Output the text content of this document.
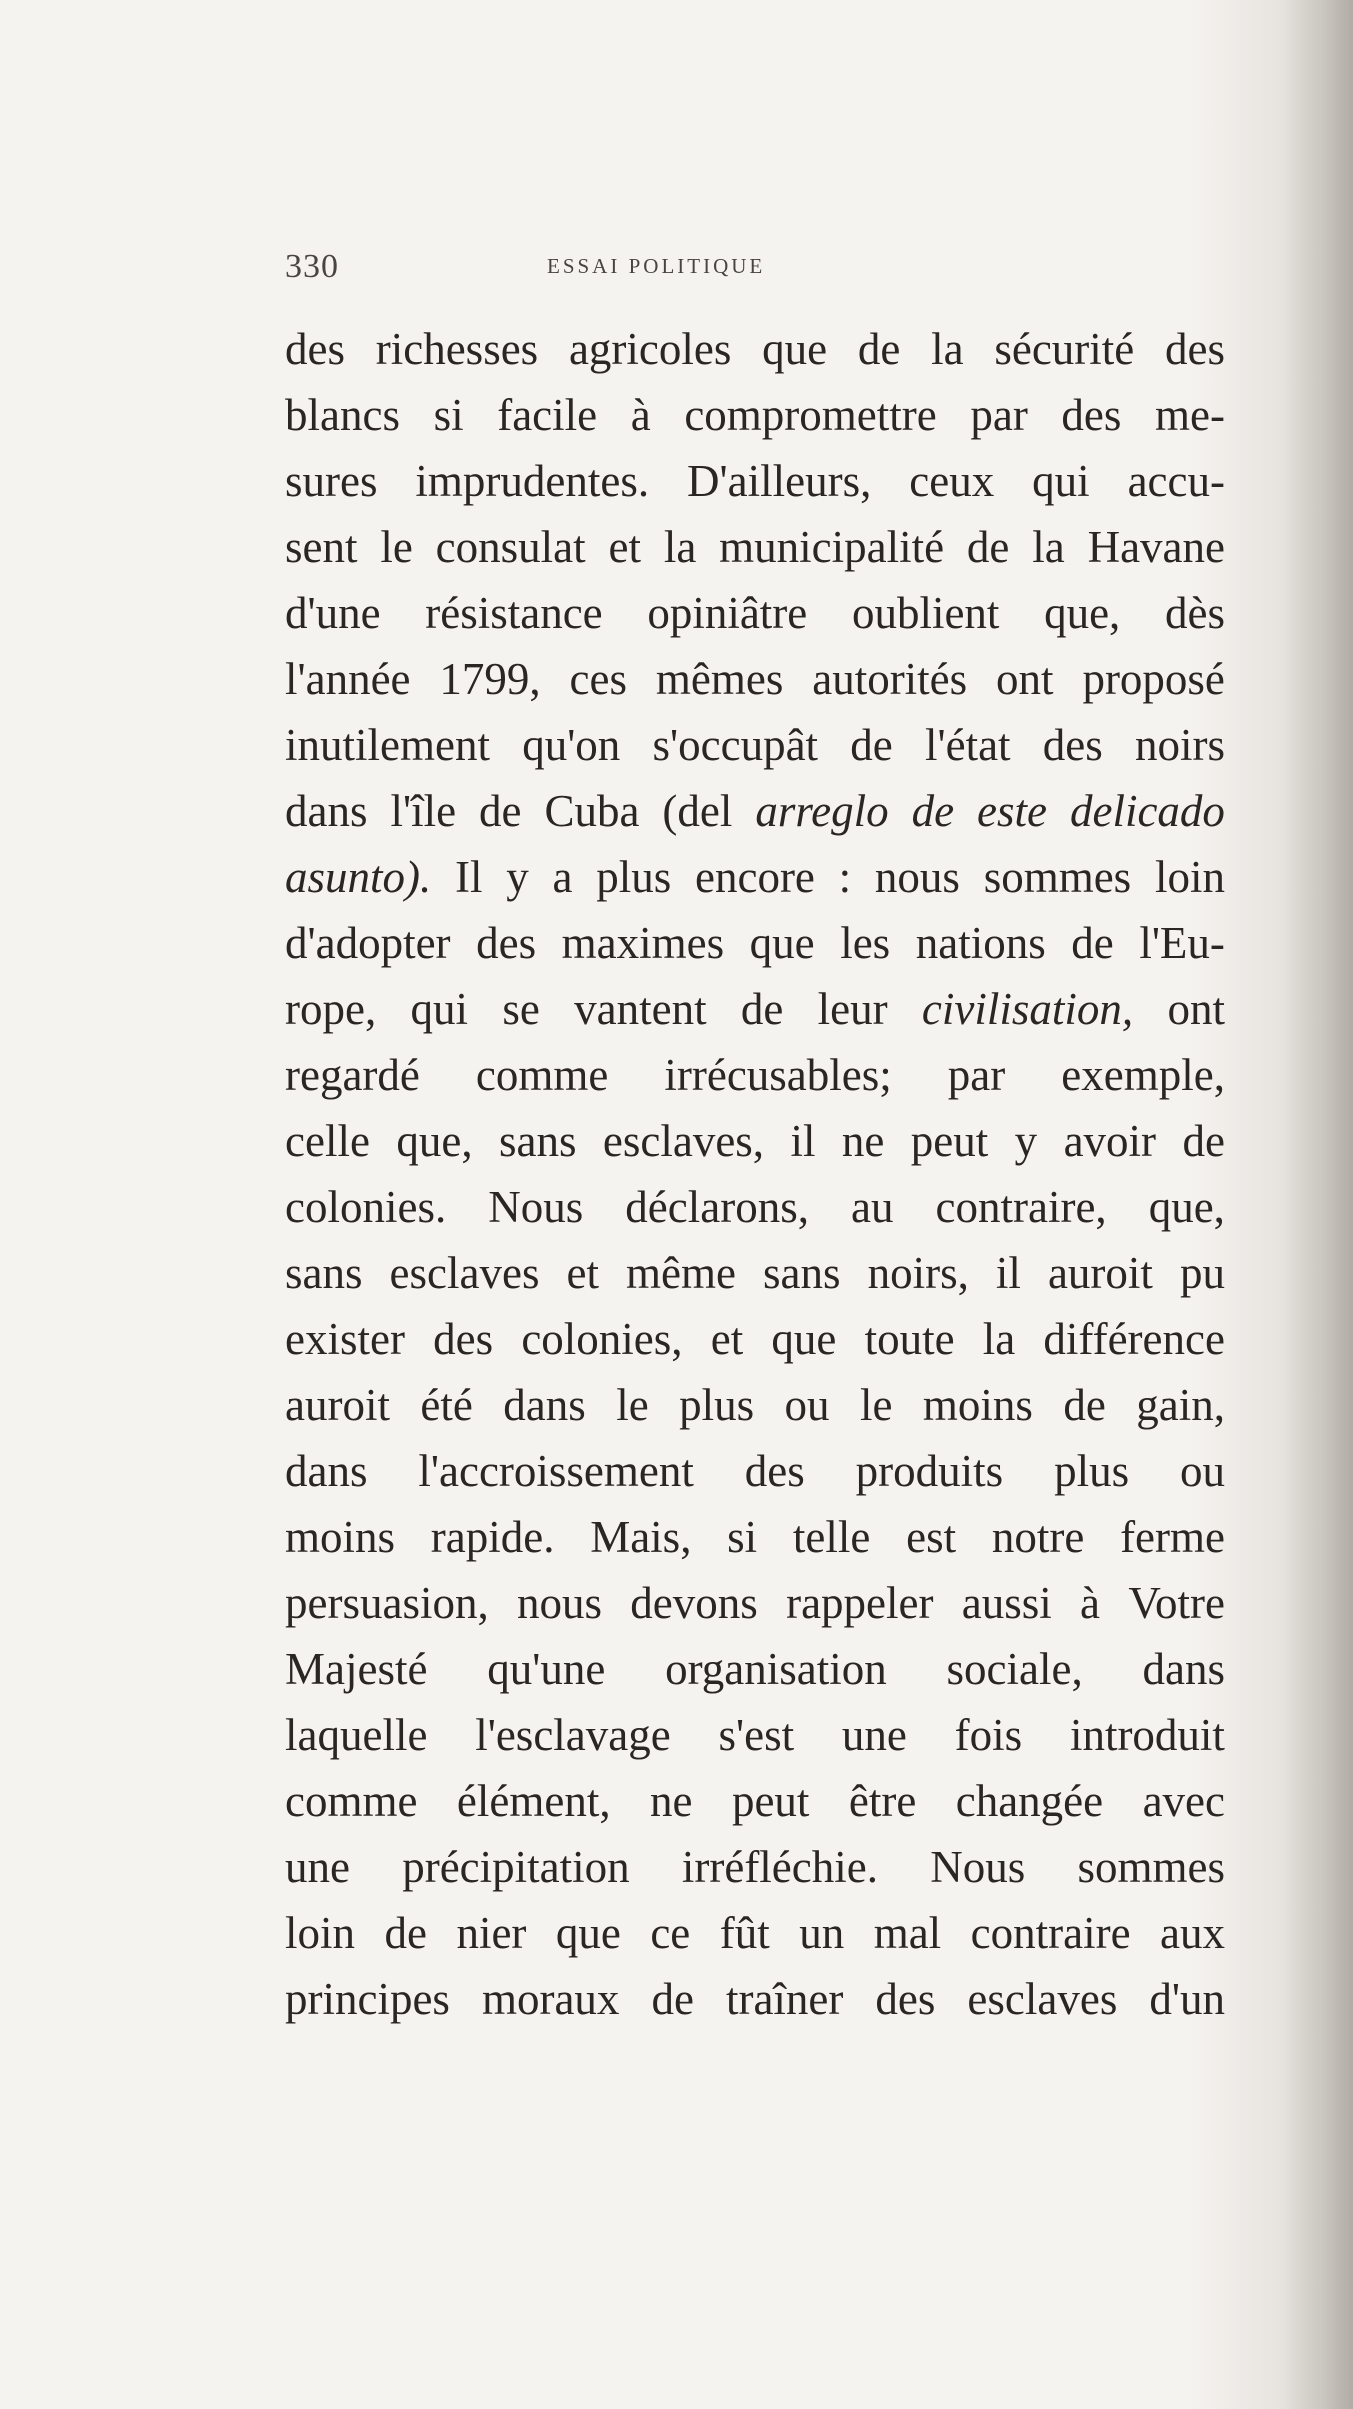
330	ESSAI POLITIQUE
des richesses agricoles que de la sécurité des
blancs si facile à compromettre par des me-
sures imprudentes. D'ailleurs, ceux qui accu-
sent le consulat et la municipalité de la Havane
d'une résistance opiniâtre oublient que, dès
l'année 1799, ces mêmes autorités ont proposé
inutilement qu'on s'occupât de l'état des noirs
dans l'île de Cuba (del arreglo de este delicado
asunto). Il y a plus encore : nous sommes loin
d'adopter des maximes que les nations de l'Eu-
rope, qui se vantent de leur civilisation, ont
regardé comme irrécusables; par exemple,
celle que, sans esclaves, il ne peut y avoir de
colonies. Nous déclarons, au contraire, que,
sans esclaves et même sans noirs, il auroit pu
exister des colonies, et que toute la différence
auroit été dans le plus ou le moins de gain,
dans l'accroissement des produits plus ou
moins rapide. Mais, si telle est notre ferme
persuasion, nous devons rappeler aussi à Votre
Majesté qu'une organisation sociale, dans
laquelle l'esclavage s'est une fois introduit
comme élément, ne peut être changée avec
une précipitation irréfléchie. Nous sommes
loin de nier que ce fût un mal contraire aux
principes moraux de traîner des esclaves d'un
